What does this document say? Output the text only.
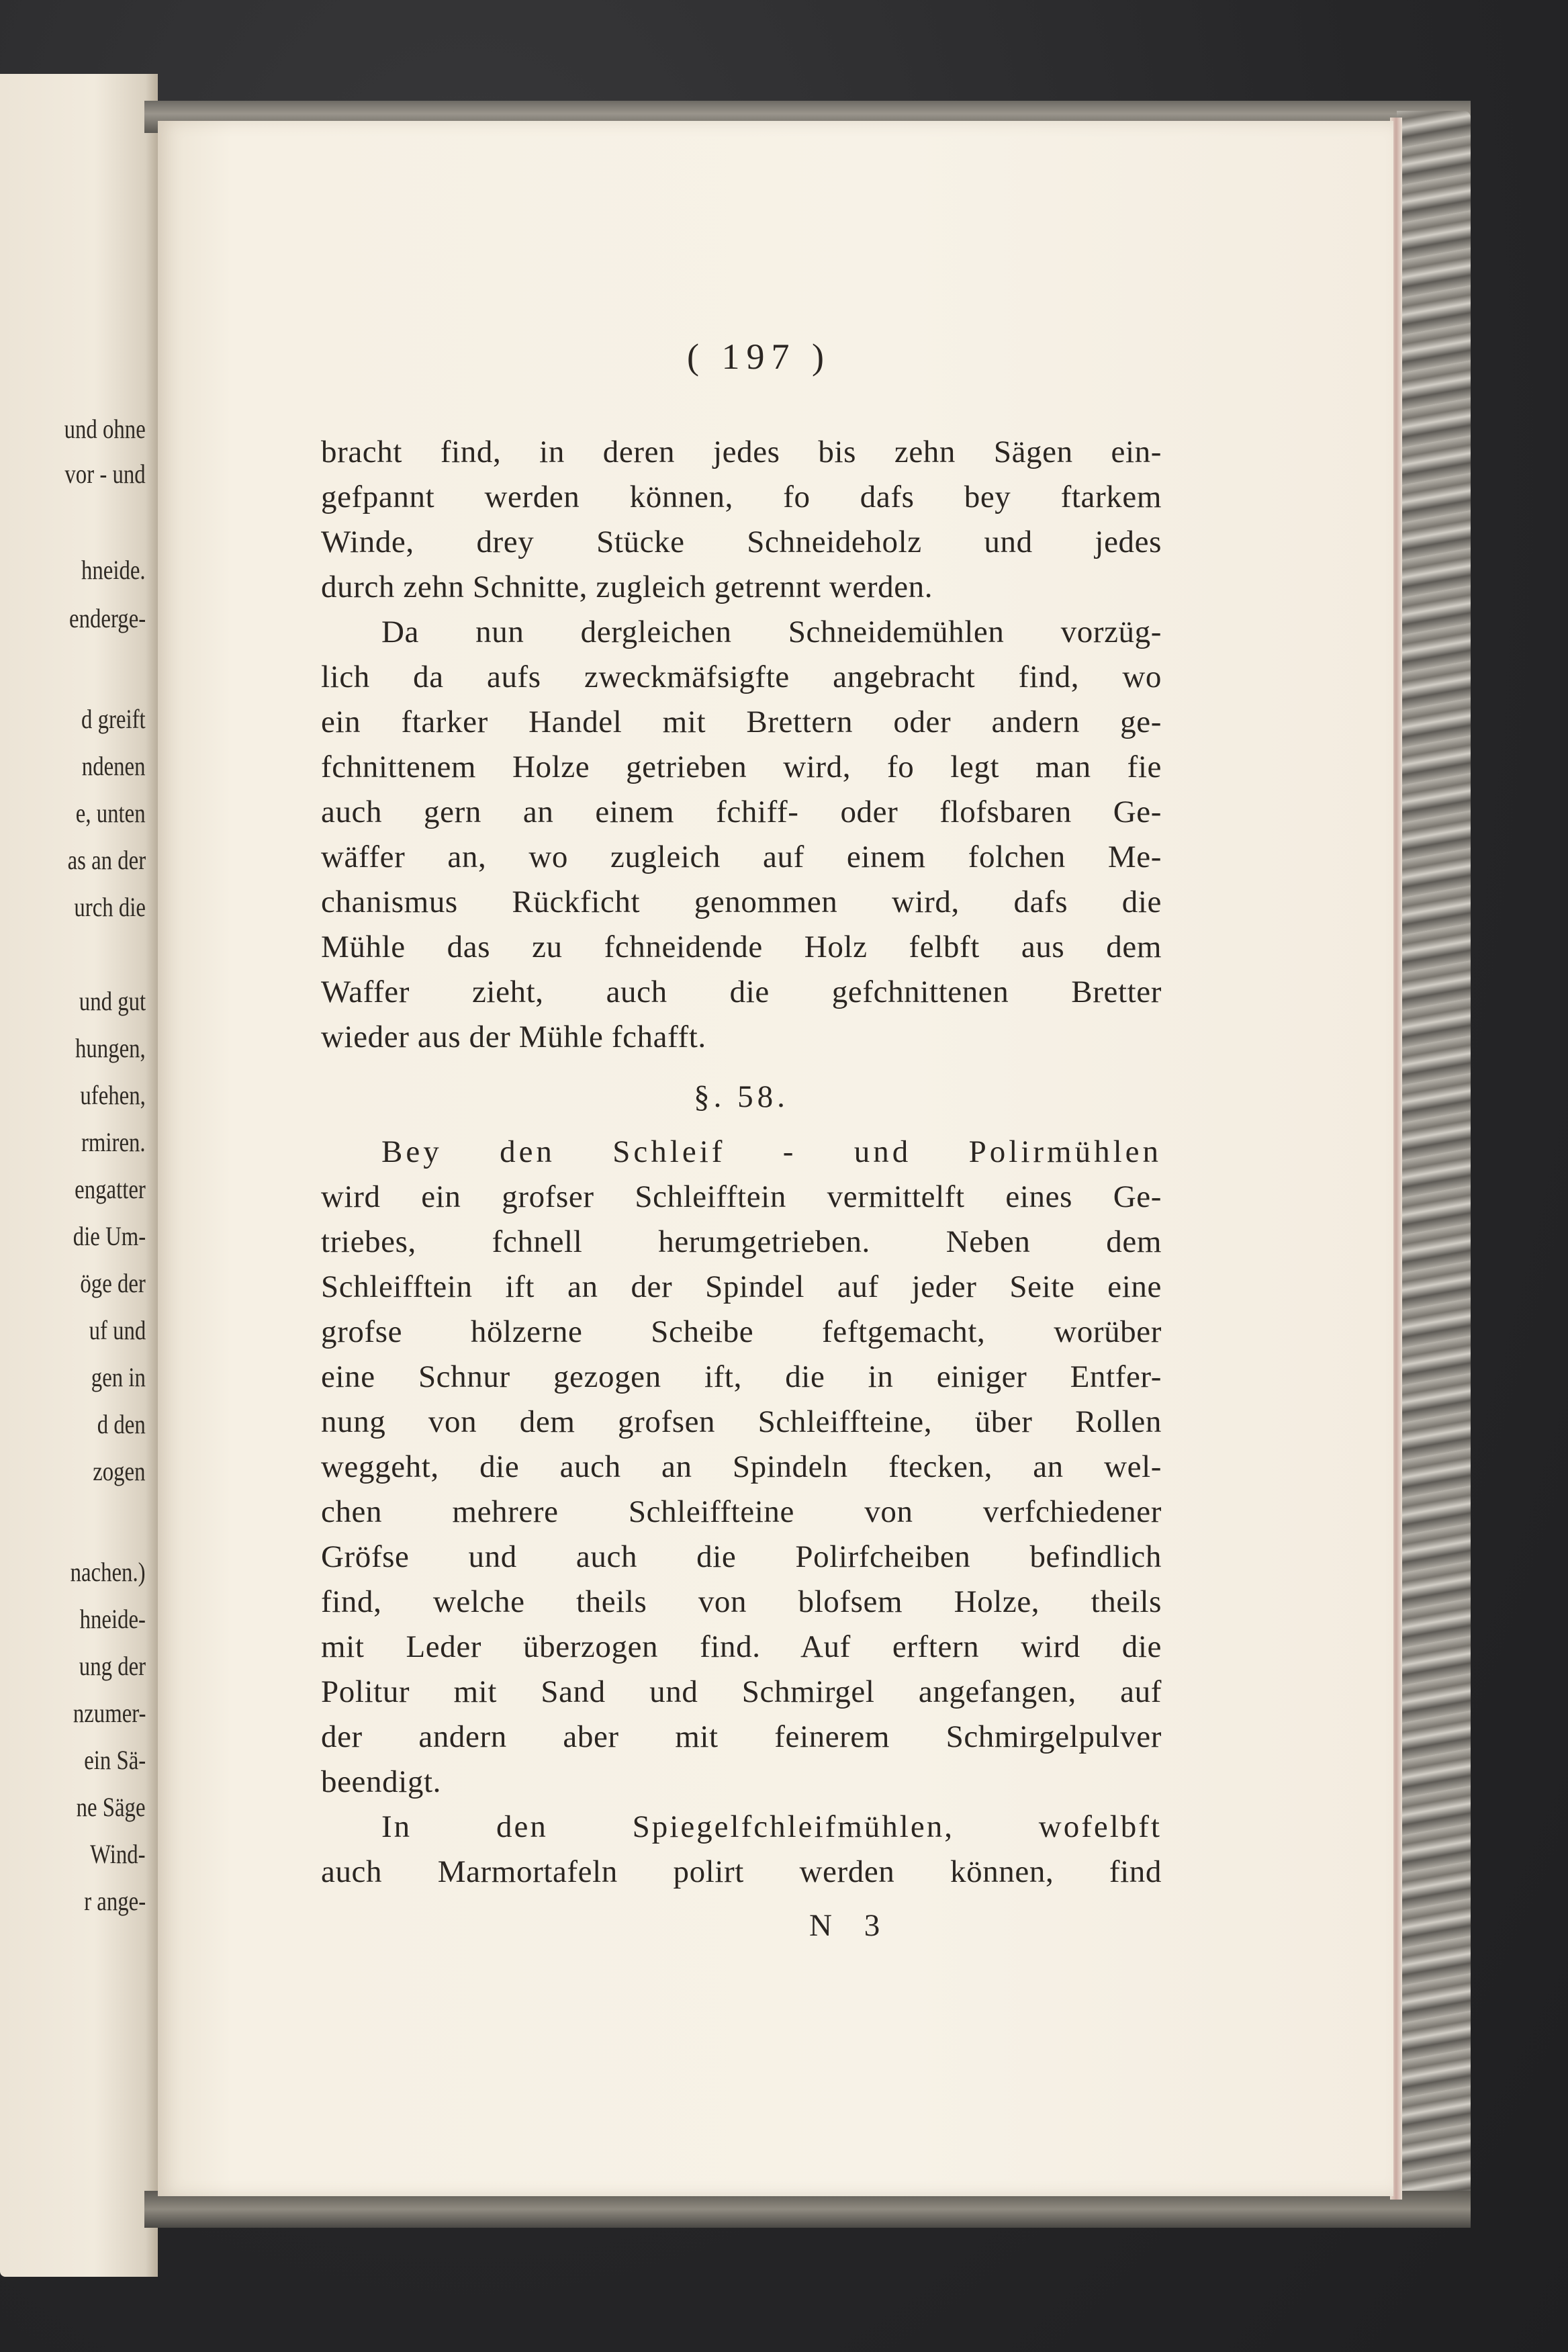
und ohne
vor - und
hneide.
enderge-
d greift
ndenen
e, unten
as an der
urch die
und gut
hungen,
ufehen,
rmiren.
engatter
die Um-
öge der
uf und
gen in
d den
zogen
nachen.)
hneide-
ung der
nzumer-
ein Sä-
ne Säge
Wind-
r ange-
( 197 )
bracht find, in deren jedes bis zehn Sägen ein-
gefpannt werden können, fo dafs bey ftarkem
Winde, drey Stücke Schneideholz und jedes
durch zehn Schnitte, zugleich getrennt werden.
Da nun dergleichen Schneidemühlen vorzüg-
lich da aufs zweckmäfsigfte angebracht find, wo
ein ftarker Handel mit Brettern oder andern ge-
fchnittenem Holze getrieben wird, fo legt man fie
auch gern an einem fchiff- oder flofsbaren Ge-
wäffer an, wo zugleich auf einem folchen Me-
chanismus Rückficht genommen wird, dafs die
Mühle das zu fchneidende Holz felbft aus dem
Waffer zieht, auch die gefchnittenen Bretter
wieder aus der Mühle fchafft.
§. 58.
Bey den Schleif - und Polirmühlen
wird ein grofser Schleifftein vermittelft eines Ge-
triebes, fchnell herumgetrieben. Neben dem
Schleifftein ift an der Spindel auf jeder Seite eine
grofse hölzerne Scheibe feftgemacht, worüber
eine Schnur gezogen ift, die in einiger Entfer-
nung von dem grofsen Schleiffteine, über Rollen
weggeht, die auch an Spindeln ftecken, an wel-
chen mehrere Schleiffteine von verfchiedener
Gröfse und auch die Polirfcheiben befindlich
find, welche theils von blofsem Holze, theils
mit Leder überzogen find. Auf erftern wird die
Politur mit Sand und Schmirgel angefangen, auf
der andern aber mit feinerem Schmirgelpulver
beendigt.
In den Spiegelfchleifmühlen, wofelbft
auch Marmortafeln polirt werden können, find
N 3
